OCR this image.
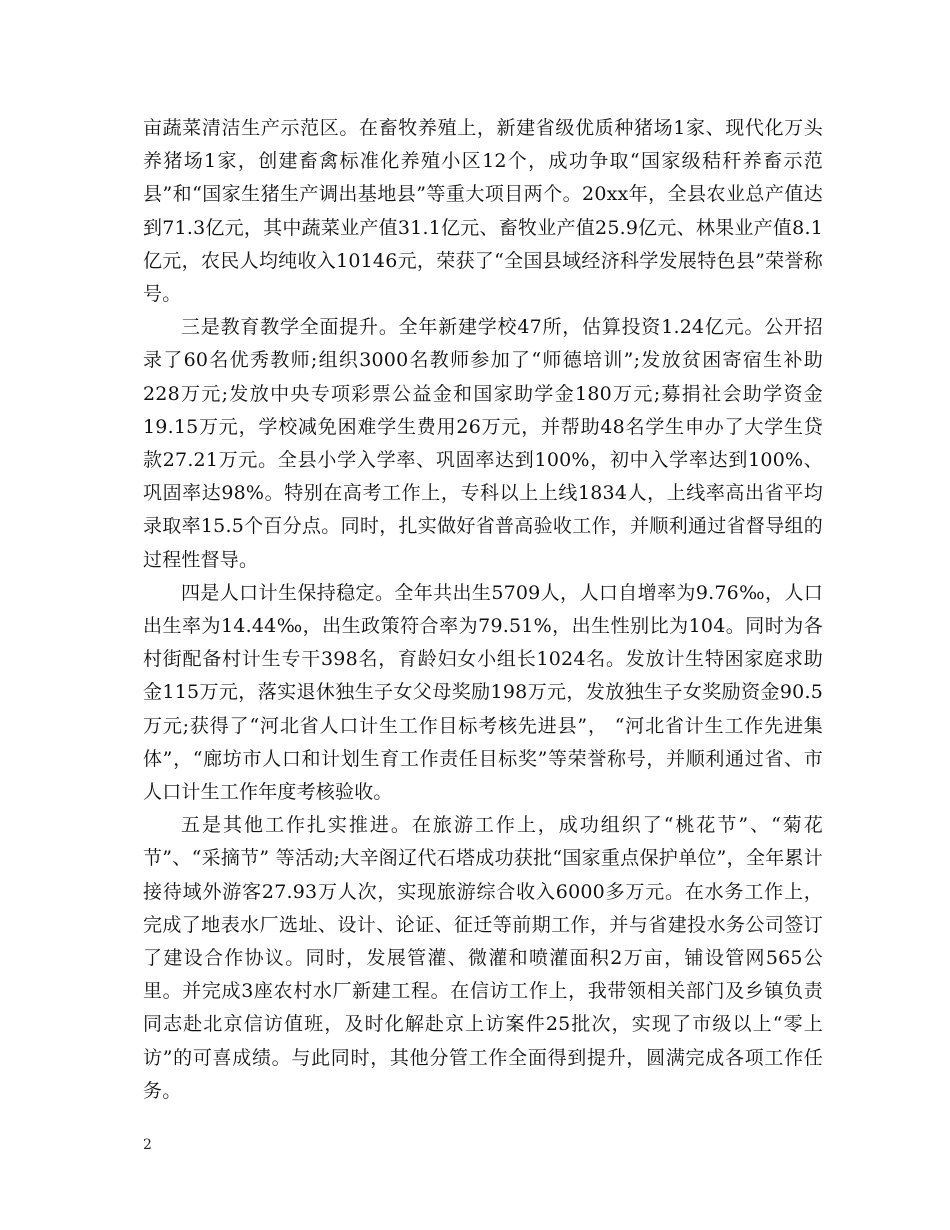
亩蔬菜清洁生产示范区。在畜牧养殖上，新建省级优质种猪场1家、现代化万头养猪场1家，创建畜禽标准化养殖小区12个，成功争取“国家级秸秆养畜示范县”和“国家生猪生产调出基地县”等重大项目两个。20xx年，全县农业总产值达到71.3亿元，其中蔬菜业产值31.1亿元、畜牧业产值25.9亿元、林果业产值8.1亿元，农民人均纯收入10146元，荣获了“全国县域经济科学发展特色县”荣誉称号。

三是教育教学全面提升。全年新建学校47所，估算投资1.24亿元。公开招录了60名优秀教师;组织3000名教师参加了“师德培训”;发放贫困寄宿生补助228万元;发放中央专项彩票公益金和国家助学金180万元;募捐社会助学资金19.15万元，学校减免困难学生费用26万元，并帮助48名学生申办了大学生贷款27.21万元。全县小学入学率、巩固率达到100%，初中入学率达到100%、巩固率达98%。特别在高考工作上，专科以上上线1834人，上线率高出省平均录取率15.5个百分点。同时，扎实做好省普高验收工作，并顺利通过省督导组的过程性督导。

四是人口计生保持稳定。全年共出生5709人，人口自增率为9.76‰，人口出生率为14.44‰，出生政策符合率为79.51%，出生性别比为104。同时为各村街配备村计生专干398名，育龄妇女小组长1024名。发放计生特困家庭求助金115万元，落实退休独生子女父母奖励198万元，发放独生子女奖励资金90.5万元;获得了“河北省人口计生工作目标考核先进县”， “河北省计生工作先进集体”，“廊坊市人口和计划生育工作责任目标奖”等荣誉称号，并顺利通过省、市人口计生工作年度考核验收。

五是其他工作扎实推进。在旅游工作上，成功组织了“桃花节”、“菊花节”、“采摘节” 等活动;大辛阁辽代石塔成功获批“国家重点保护单位”，全年累计接待域外游客27.93万人次，实现旅游综合收入6000多万元。在水务工作上，完成了地表水厂选址、设计、论证、征迁等前期工作，并与省建投水务公司签订了建设合作协议。同时，发展管灌、微灌和喷灌面积2万亩，铺设管网565公里。并完成3座农村水厂新建工程。在信访工作上，我带领相关部门及乡镇负责同志赴北京信访值班，及时化解赴京上访案件25批次，实现了市级以上“零上访”的可喜成绩。与此同时，其他分管工作全面得到提升，圆满完成各项工作任务。

2
